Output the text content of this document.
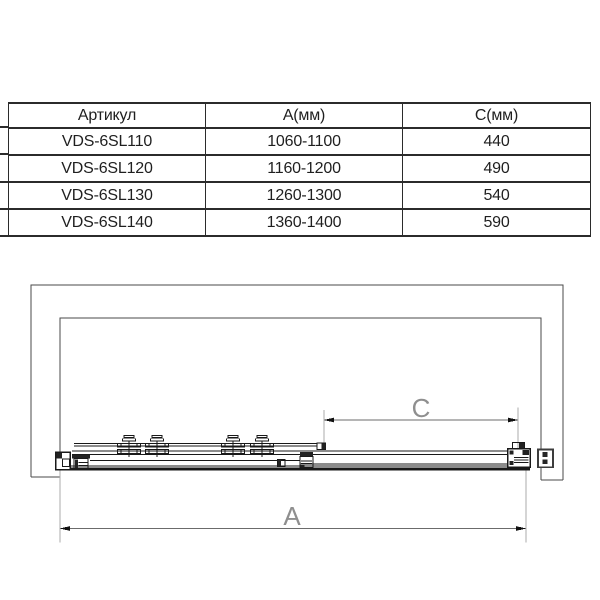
Артикул	А(мм)	С(мм)
VDS-6SL110	1060-1100	440
VDS-6SL120	1160-1200	490
VDS-6SL130	1260-1300	540
VDS-6SL140	1360-1400	590
C
A
